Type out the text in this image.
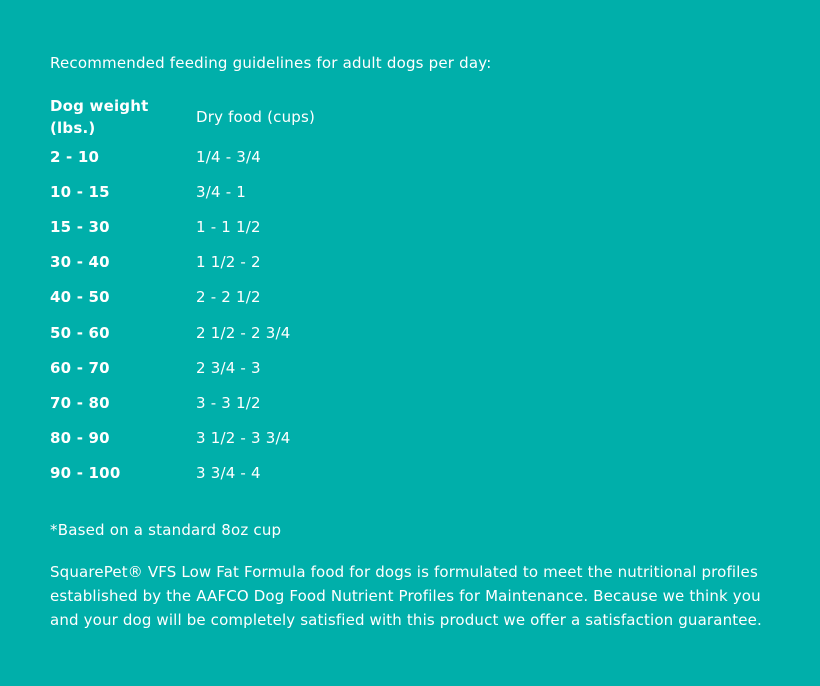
Recommended feeding guidelines for adult dogs per day:

Dog weight (lbs.)	Dry food (cups)
2 - 10	1/4 - 3/4
10 - 15	3/4 - 1
15 - 30	1 - 1 1/2
30 - 40	1 1/2 - 2
40 - 50	2 - 2 1/2
50 - 60	2 1/2 - 2 3/4
60 - 70	2 3/4 - 3
70 - 80	3 - 3 1/2
80 - 90	3 1/2 - 3 3/4
90 - 100	3 3/4 - 4

*Based on a standard 8oz cup

SquarePet® VFS Low Fat Formula food for dogs is formulated to meet the nutritional profiles established by the AAFCO Dog Food Nutrient Profiles for Maintenance. Because we think you and your dog will be completely satisfied with this product we offer a satisfaction guarantee.
